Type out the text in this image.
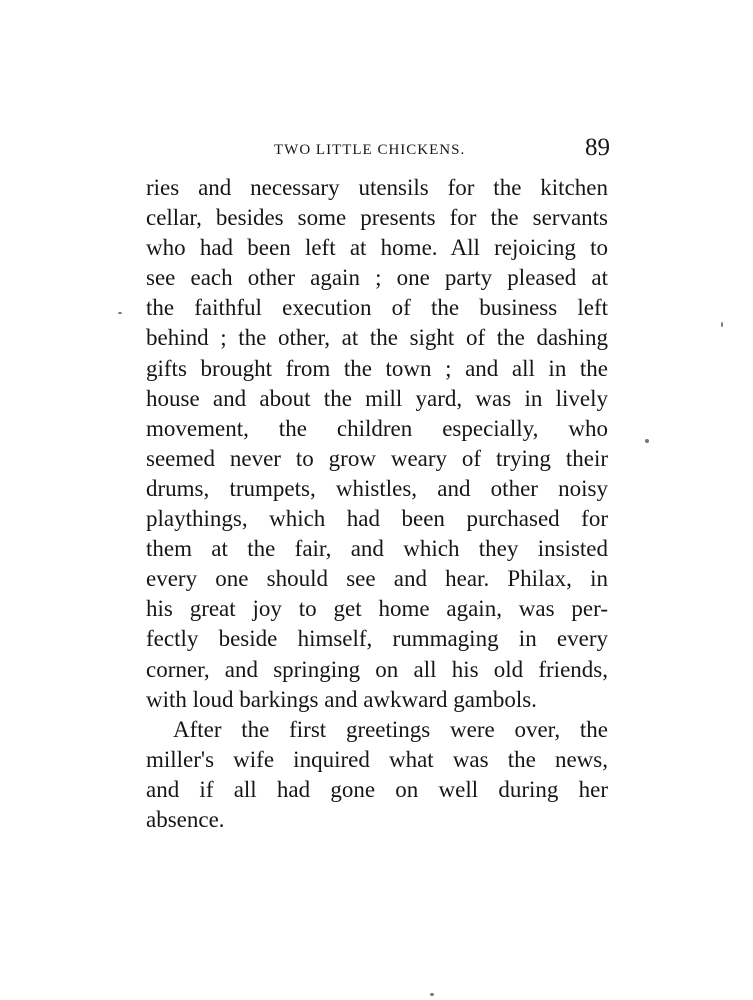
TWO LITTLE CHICKENS.	89
ries and necessary utensils for the kitchen
cellar, besides some presents for the servants
who had been left at home. All rejoicing to
see each other again ; one party pleased at
the faithful execution of the business left
behind ; the other, at the sight of the dashing
gifts brought from the town ; and all in the
house and about the mill yard, was in lively
movement, the children especially, who
seemed never to grow weary of trying their
drums, trumpets, whistles, and other noisy
playthings, which had been purchased for
them at the fair, and which they insisted
every one should see and hear. Philax, in
his great joy to get home again, was per-
fectly beside himself, rummaging in every
corner, and springing on all his old friends,
with loud barkings and awkward gambols.
After the first greetings were over, the
miller's wife inquired what was the news,
and if all had gone on well during her
absence.
